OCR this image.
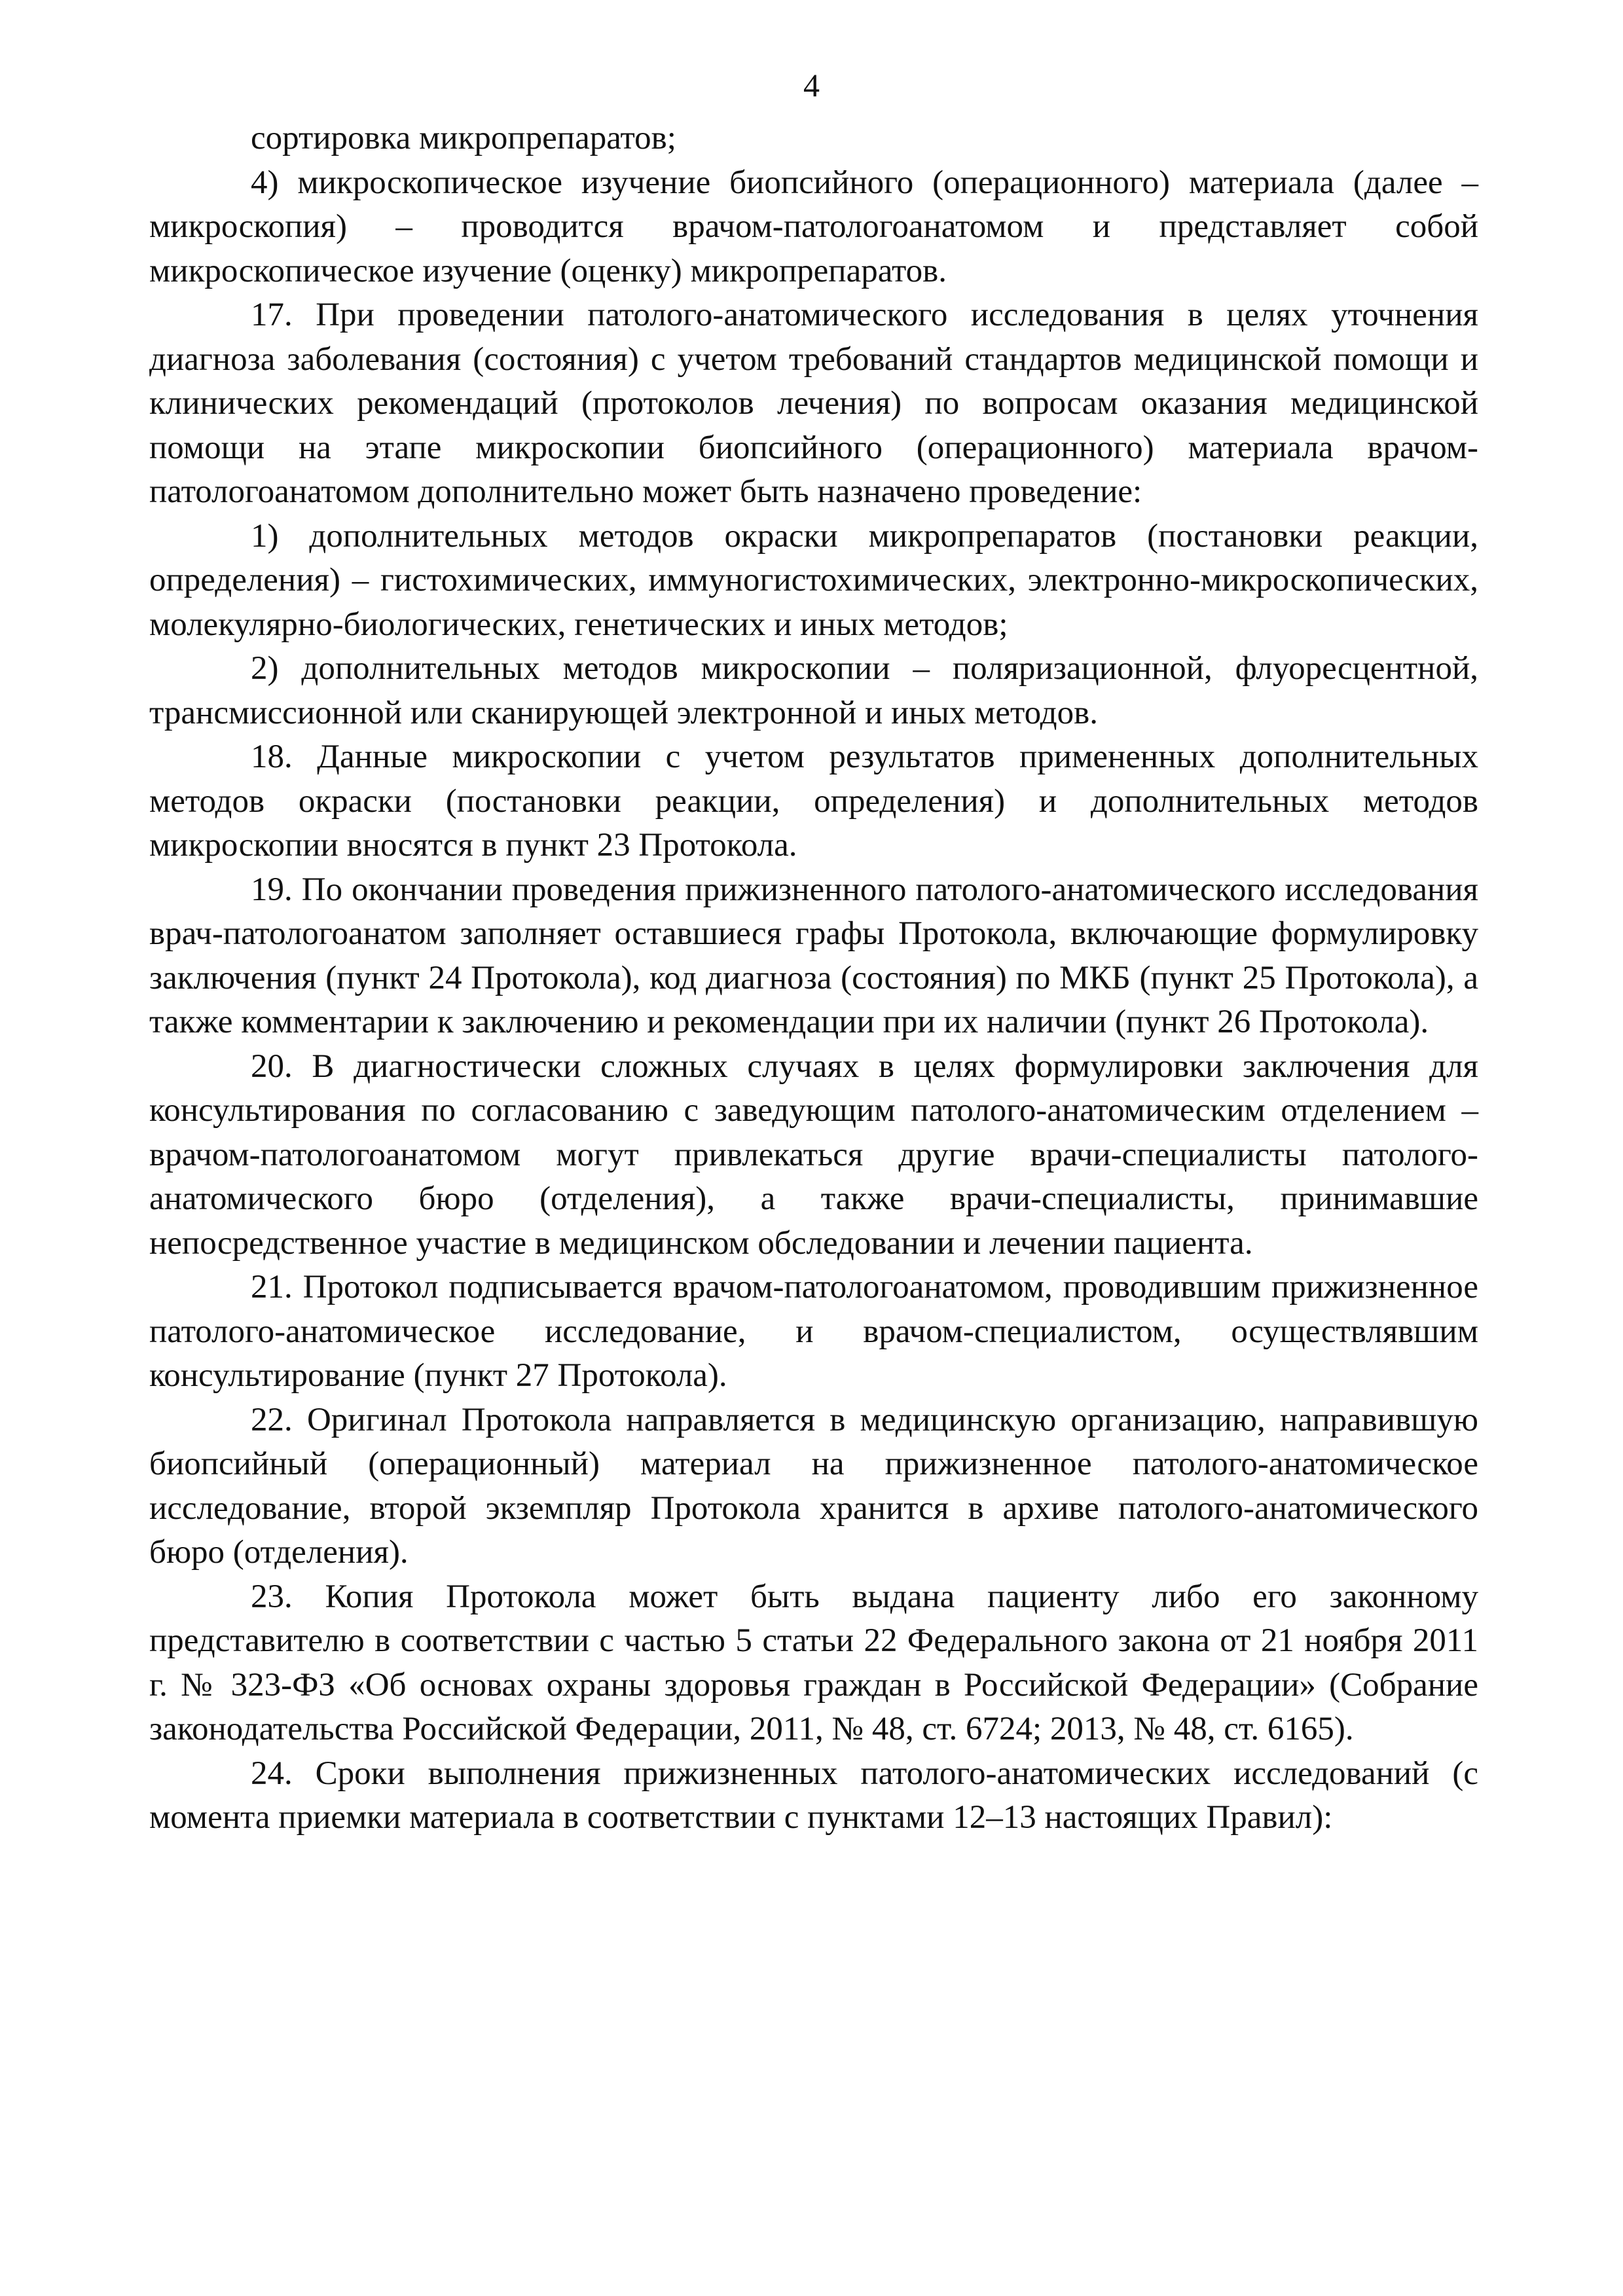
4

сортировка микропрепаратов;

4) микроскопическое изучение биопсийного (операционного) материала (далее – микроскопия) – проводится врачом-патологоанатомом и представляет собой микроскопическое изучение (оценку) микропрепаратов.

17. При проведении патолого-анатомического исследования в целях уточнения диагноза заболевания (состояния) с учетом требований стандартов медицинской помощи и клинических рекомендаций (протоколов лечения) по вопросам оказания медицинской помощи на этапе микроскопии биопсийного (операционного) материала врачом-патологоанатомом дополнительно может быть назначено проведение:

1) дополнительных методов окраски микропрепаратов (постановки реакции, определения) – гистохимических, иммуногистохимических, электронно-микроскопических, молекулярно-биологических, генетических и иных методов;

2) дополнительных методов микроскопии – поляризационной, флуоресцентной, трансмиссионной или сканирующей электронной и иных методов.

18. Данные микроскопии с учетом результатов примененных дополнительных методов окраски (постановки реакции, определения) и дополнительных методов микроскопии вносятся в пункт 23 Протокола.

19. По окончании проведения прижизненного патолого-анатомического исследования врач-патологоанатом заполняет оставшиеся графы Протокола, включающие формулировку заключения (пункт 24 Протокола), код диагноза (состояния) по МКБ (пункт 25 Протокола), а также комментарии к заключению и рекомендации при их наличии (пункт 26 Протокола).

20. В диагностически сложных случаях в целях формулировки заключения для консультирования по согласованию с заведующим патолого-анатомическим отделением – врачом-патологоанатомом могут привлекаться другие врачи-специалисты патолого-анатомического бюро (отделения), а также врачи-специалисты, принимавшие непосредственное участие в медицинском обследовании и лечении пациента.

21. Протокол подписывается врачом-патологоанатомом, проводившим прижизненное патолого-анатомическое исследование, и врачом-специалистом, осуществлявшим консультирование (пункт 27 Протокола).

22. Оригинал Протокола направляется в медицинскую организацию, направившую биопсийный (операционный) материал на прижизненное патолого-анатомическое исследование, второй экземпляр Протокола хранится в архиве патолого-анатомического бюро (отделения).

23. Копия Протокола может быть выдана пациенту либо его законному представителю в соответствии с частью 5 статьи 22 Федерального закона от 21 ноября 2011 г. № 323-ФЗ «Об основах охраны здоровья граждан в Российской Федерации» (Собрание законодательства Российской Федерации, 2011, № 48, ст. 6724; 2013, № 48, ст. 6165).

24. Сроки выполнения прижизненных патолого-анатомических исследований (с момента приемки материала в соответствии с пунктами 12–13 настоящих Правил):
